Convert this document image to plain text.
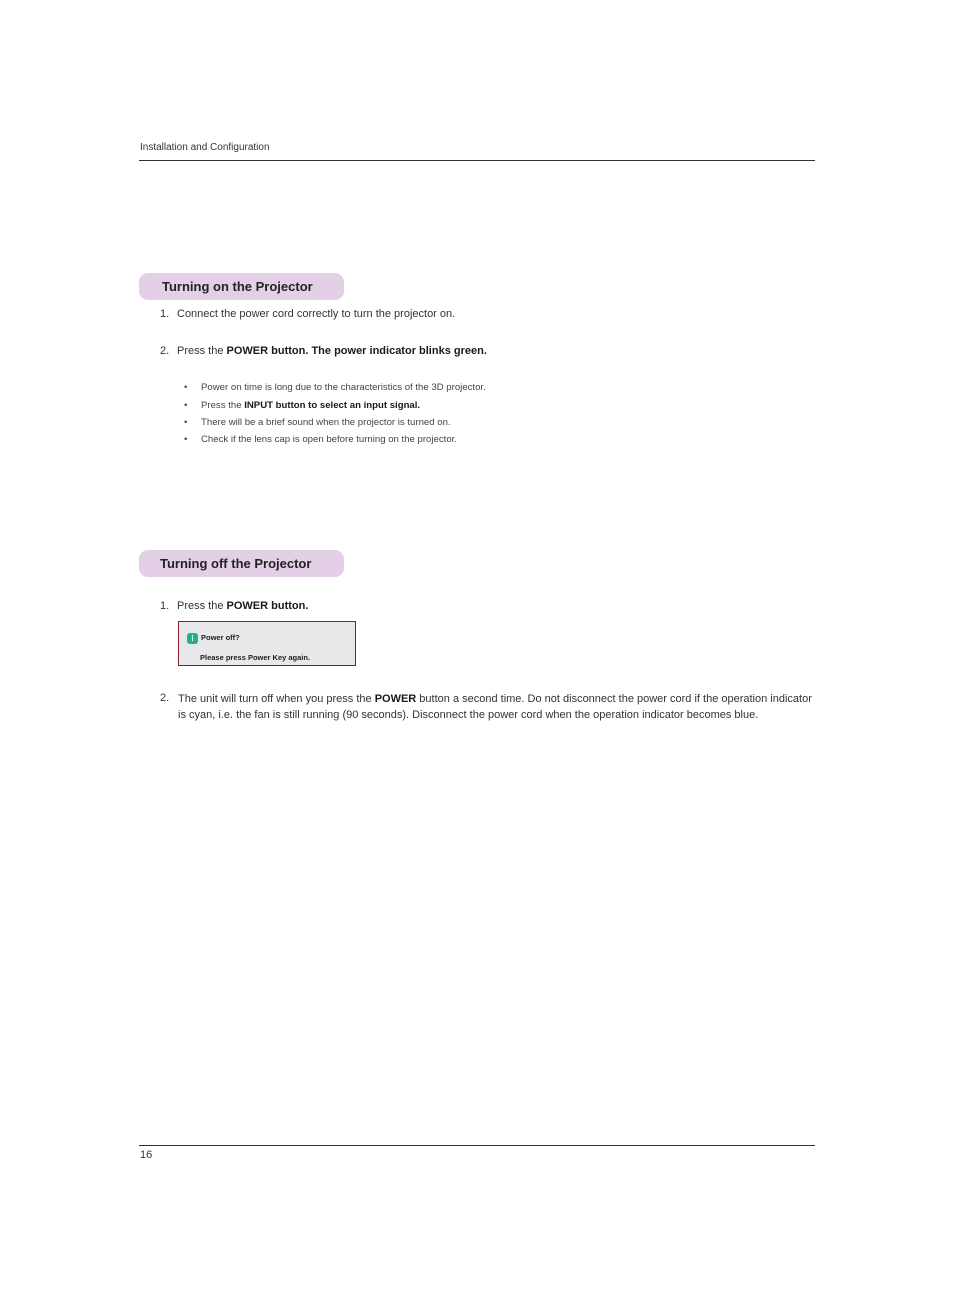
Installation and Configuration
Turning on the Projector
1. Connect the power cord correctly to turn the projector on.
2. Press the POWER button. The power indicator blinks green.
• Power on time is long due to the characteristics of the 3D projector.
• Press the INPUT button to select an input signal.
• There will be a brief sound when the projector is turned on.
• Check if the lens cap is open before turning on the projector.
Turning off the Projector
1. Press the POWER button.
i Power off?
Please press Power Key again.
2. The unit will turn off when you press the POWER button a second time. Do not disconnect the power cord if the operation indicator is cyan, i.e. the fan is still running (90 seconds). Disconnect the power cord when the operation indicator becomes blue.
16
